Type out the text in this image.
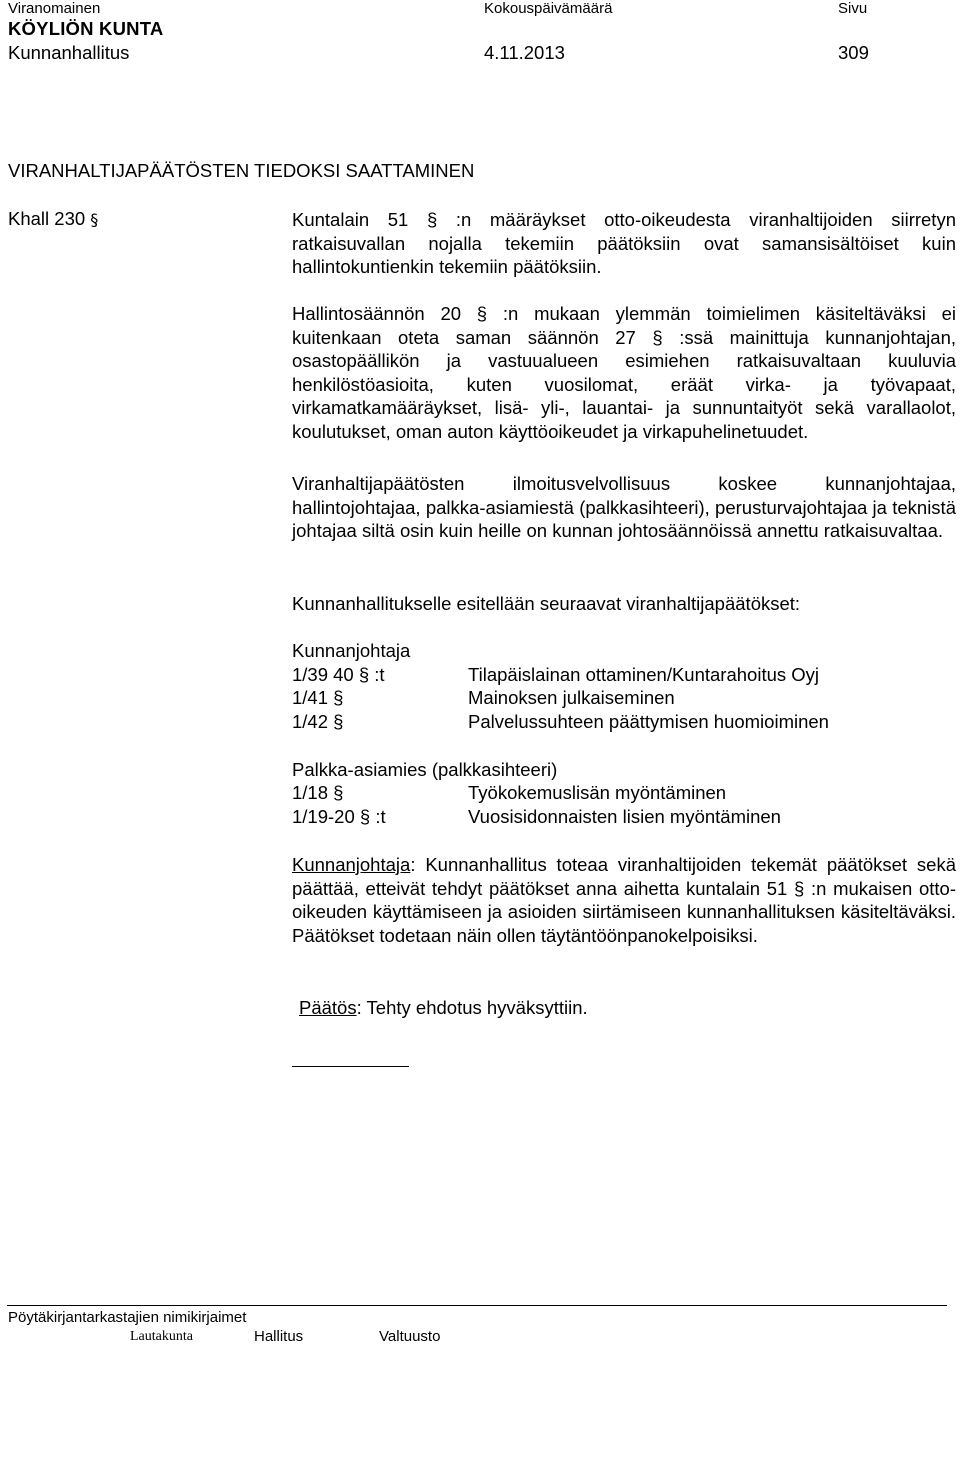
Viranomainen	Kokouspäivämäärä	Sivu
KÖYLIÖN KUNTA
Kunnanhallitus	4.11.2013	309
VIRANHALTIJAPÄÄTÖSTEN TIEDOKSI SAATTAMINEN
Khall 230 §	Kuntalain 51 § :n määräykset otto-oikeudesta viranhaltijoiden siirretyn ratkaisuvallan nojalla tekemiin päätöksiin ovat samansisältöiset kuin hallintokuntienkin tekemiin päätöksiin.

Hallintosäännön 20 § :n mukaan ylemmän toimielimen käsiteltäväksi ei kuitenkaan oteta saman säännön 27 § :ssä mainittuja kunnanjohtajan, osastopäällikön ja vastuualueen esimiehen ratkaisuvaltaan kuuluvia henkilöstöasioita, kuten vuosilomat, eräät virka- ja työvapaat, virkamatkamääräykset, lisä- yli-, lauantai- ja sunnuntaityöt sekä varallaolot, koulutukset, oman auton käyttöoikeudet ja virkapuhelinetuudet.

Viranhaltijapäätösten ilmoitusvelvollisuus koskee kunnanjohtajaa, hallintojohtajaa, palkka-asiamiestä (palkkasihteeri), perusturvajohtajaa ja teknistä johtajaa siltä osin kuin heille on kunnan johtosäännöissä annettu ratkaisuvaltaa.

Kunnanhallitukselle esitellään seuraavat viranhaltijapäätökset:

Kunnanjohtaja
1/39 40 § :t	Tilapäislainan ottaminen/Kuntarahoitus Oyj
1/41 §	Mainoksen julkaiseminen
1/42 §	Palvelussuhteen päättymisen huomioiminen
Palkka-asiamies (palkkasihteeri)
1/18 §	Työkokemuslisän myöntäminen
1/19-20 § :t	Vuosisidonnaisten lisien myöntäminen

Kunnanjohtaja: Kunnanhallitus toteaa viranhaltijoiden tekemät päätökset sekä päättää, etteivät tehdyt päätökset anna aihetta kuntalain 51 § :n mukaisen otto-oikeuden käyttämiseen ja asioiden siirtämiseen kunnanhallituksen käsiteltäväksi. Päätökset todetaan näin ollen täytäntöönpanokelpoisiksi.

Päätös: Tehty ehdotus hyväksyttiin.
Pöytäkirjantarkastajien nimikirjaimet
Lautakunta	Hallitus	Valtuusto
